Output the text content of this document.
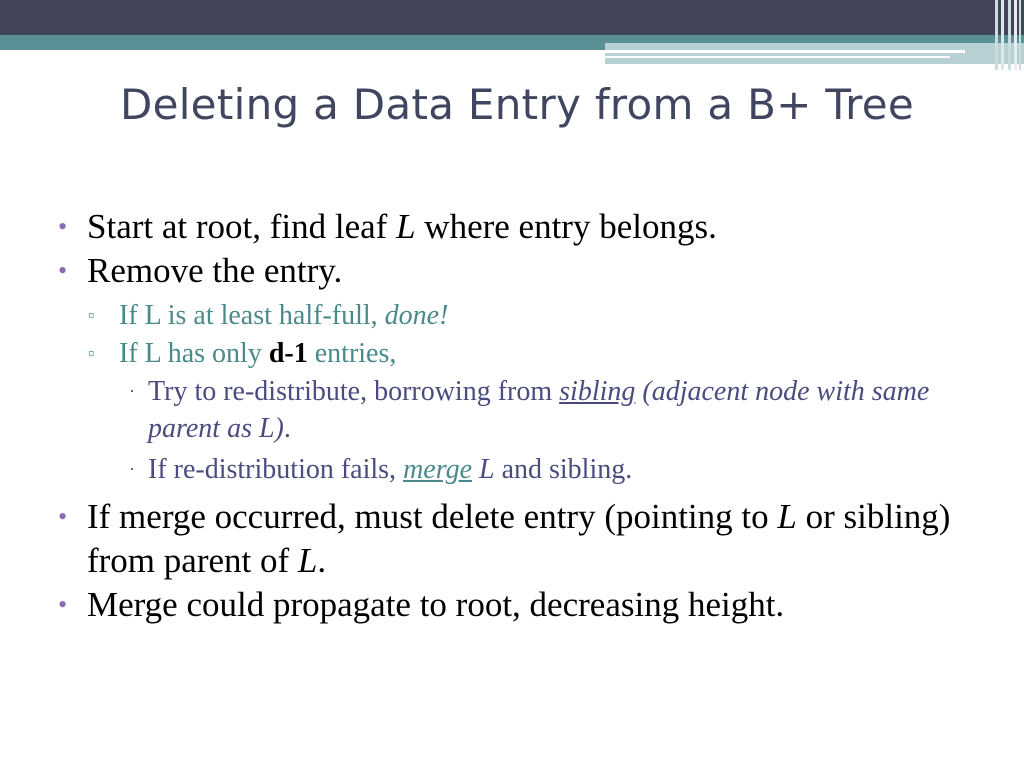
Deleting a Data Entry from a B+ Tree
• Start at root, find leaf L where entry belongs.
• Remove the entry.
▫ If L is at least half-full, done!
▫ If L has only d-1 entries,
· Try to re-distribute, borrowing from sibling (adjacent node with same parent as L).
· If re-distribution fails, merge L and sibling.
• If merge occurred, must delete entry (pointing to L or sibling) from parent of L.
• Merge could propagate to root, decreasing height.
